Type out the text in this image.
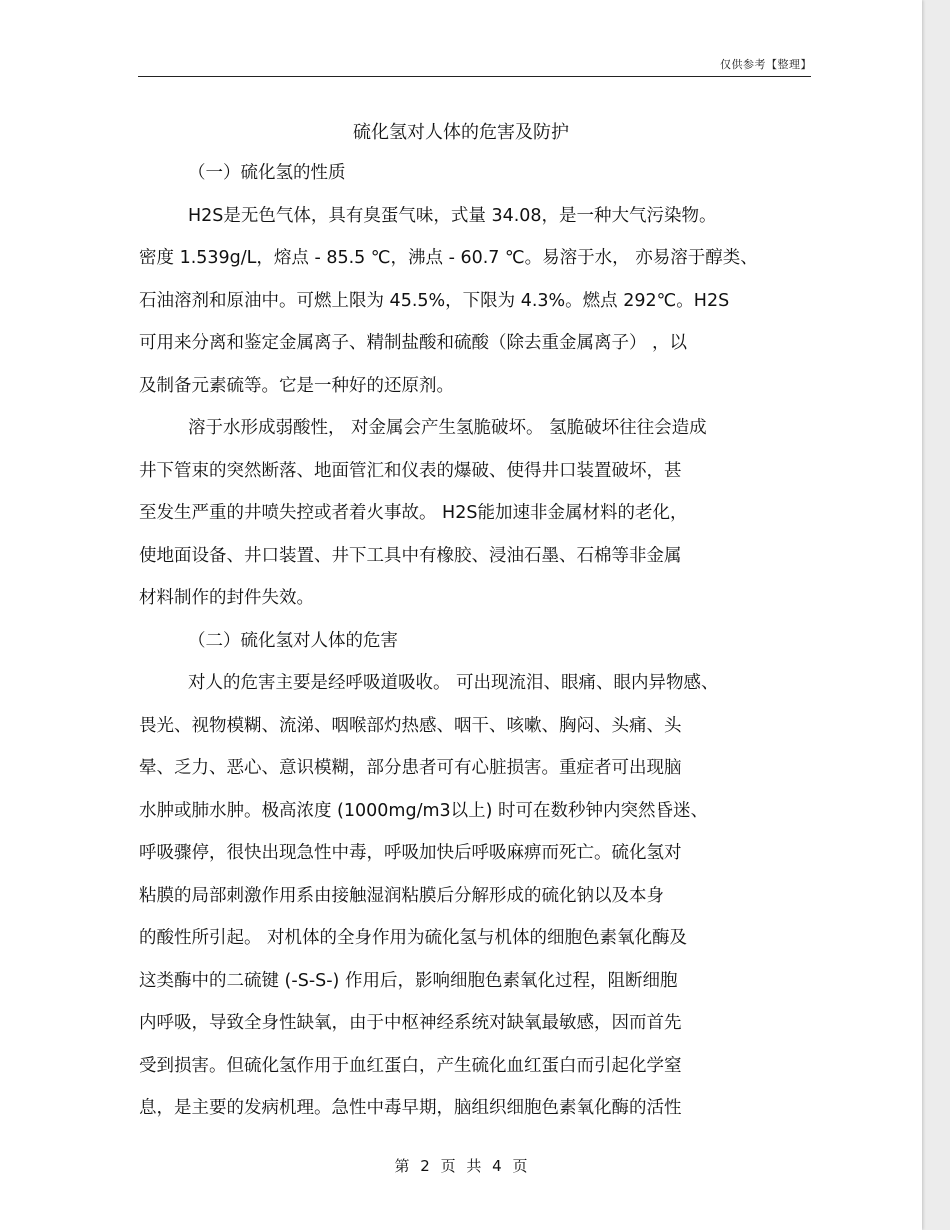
仅供参考【整理】
硫化氢对人体的危害及防护
（一）硫化氢的性质
H2S是无色气体，具有臭蛋气味，式量 34.08，是一种大气污染物。
密度 1.539g/L，熔点 - 85.5 ℃，沸点 - 60.7 ℃。易溶于水， 亦易溶于醇类、
石油溶剂和原油中。可燃上限为 45.5%，下限为 4.3%。燃点 292℃。H2S
可用来分离和鉴定金属离子、精制盐酸和硫酸（除去重金属离子） ，以
及制备元素硫等。它是一种好的还原剂。
溶于水形成弱酸性， 对金属会产生氢脆破坏。 氢脆破坏往往会造成
井下管束的突然断落、地面管汇和仪表的爆破、使得井口装置破坏，甚
至发生严重的井喷失控或者着火事故。 H2S能加速非金属材料的老化，
使地面设备、井口装置、井下工具中有橡胶、浸油石墨、石棉等非金属
材料制作的封件失效。
（二）硫化氢对人体的危害
对人的危害主要是经呼吸道吸收。 可出现流泪、眼痛、眼内异物感、
畏光、视物模糊、流涕、咽喉部灼热感、咽干、咳嗽、胸闷、头痛、头
晕、乏力、恶心、意识模糊，部分患者可有心脏损害。重症者可出现脑
水肿或肺水肿。极高浓度 (1000mg/m3以上) 时可在数秒钟内突然昏迷、
呼吸骤停，很快出现急性中毒，呼吸加快后呼吸麻痹而死亡。硫化氢对
粘膜的局部刺激作用系由接触湿润粘膜后分解形成的硫化钠以及本身
的酸性所引起。 对机体的全身作用为硫化氢与机体的细胞色素氧化酶及
这类酶中的二硫键 (-S-S-) 作用后，影响细胞色素氧化过程，阻断细胞
内呼吸，导致全身性缺氧，由于中枢神经系统对缺氧最敏感，因而首先
受到损害。但硫化氢作用于血红蛋白，产生硫化血红蛋白而引起化学窒
息，是主要的发病机理。急性中毒早期，脑组织细胞色素氧化酶的活性
第 2 页 共 4 页
